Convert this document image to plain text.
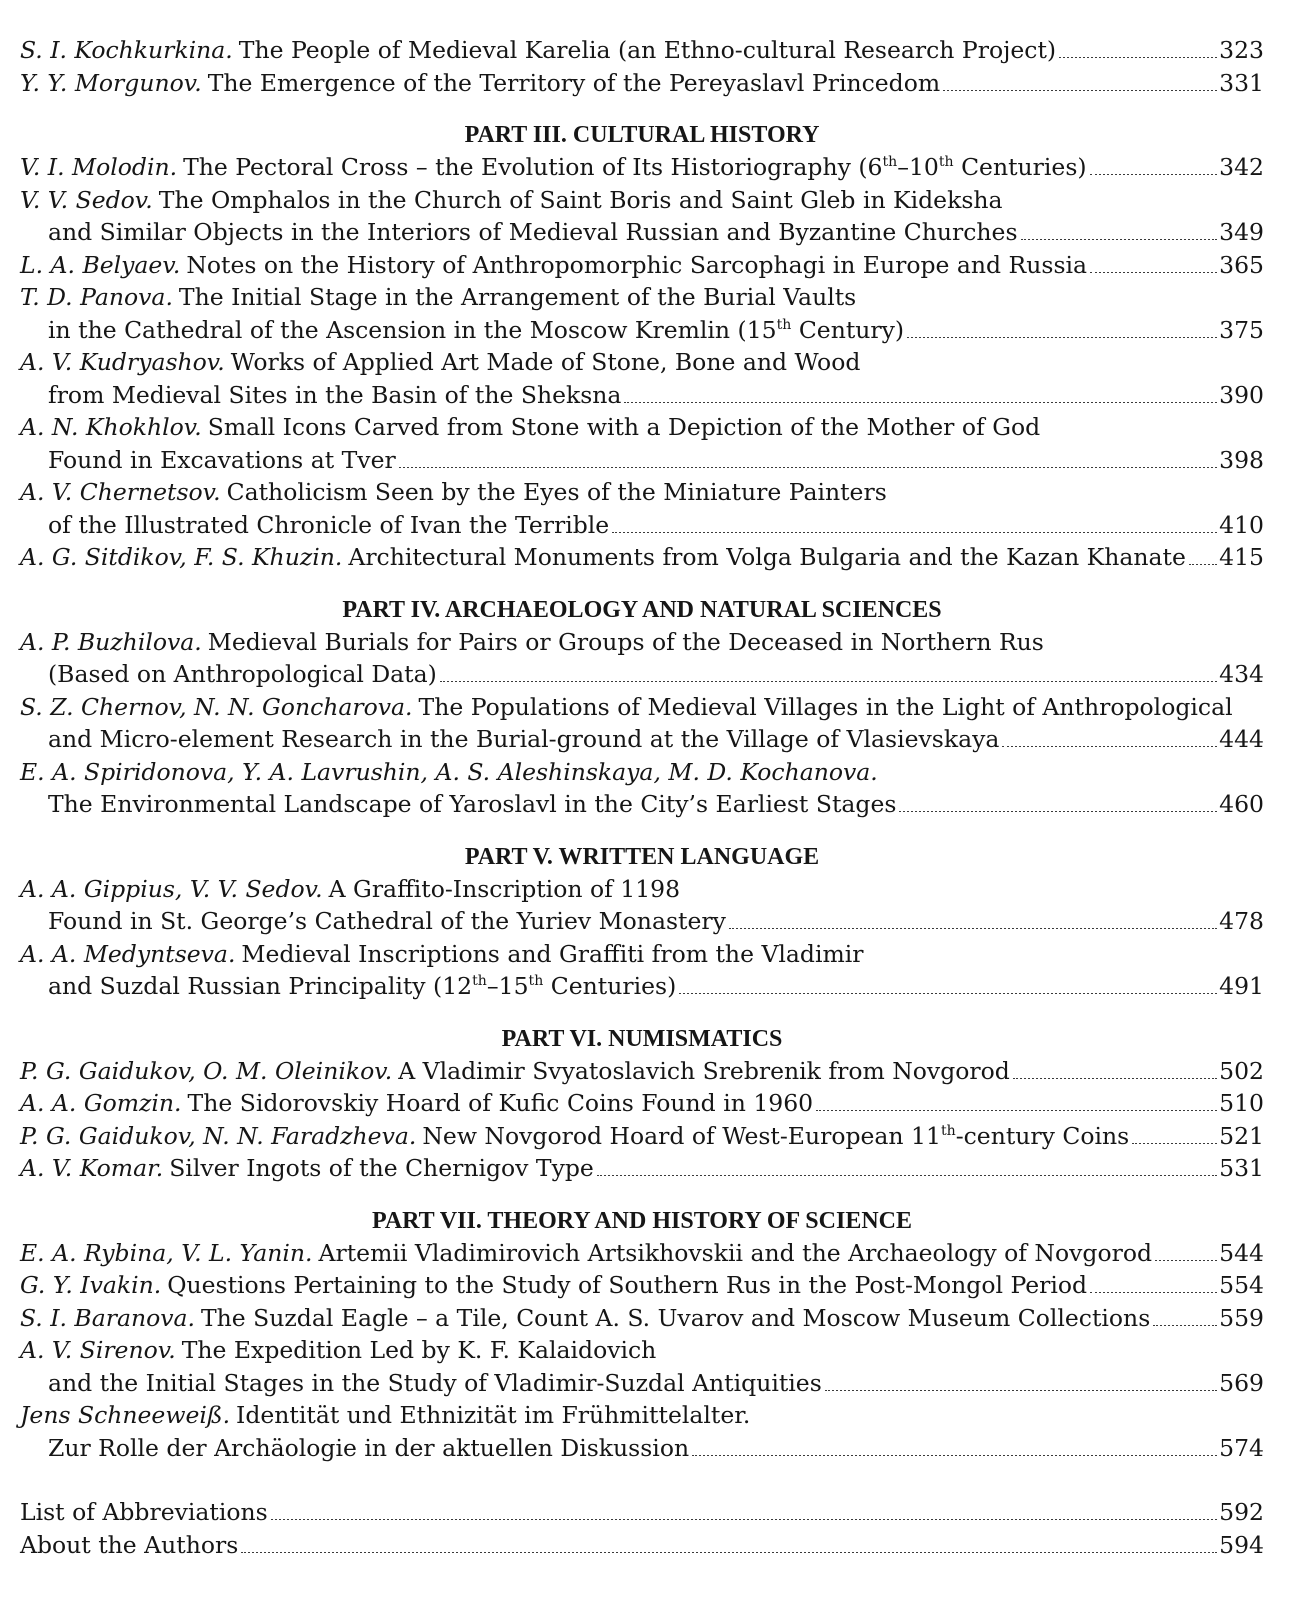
S. I. Kochkurkina. The People of Medieval Karelia (an Ethno-cultural Research Project)	323
Y. Y. Morgunov. The Emergence of the Territory of the Pereyaslavl Princedom	331
PART III. CULTURAL HISTORY
V. I. Molodin. The Pectoral Cross – the Evolution of Its Historiography (6th–10th Centuries)	342
V. V. Sedov. The Omphalos in the Church of Saint Boris and Saint Gleb in Kideksha
and Similar Objects in the Interiors of Medieval Russian and Byzantine Churches	349
L. A. Belyaev. Notes on the History of Anthropomorphic Sarcophagi in Europe and Russia	365
T. D. Panova. The Initial Stage in the Arrangement of the Burial Vaults
in the Cathedral of the Ascension in the Moscow Kremlin (15th Century)	375
A. V. Kudryashov. Works of Applied Art Made of Stone, Bone and Wood
from Medieval Sites in the Basin of the Sheksna	390
A. N. Khokhlov. Small Icons Carved from Stone with a Depiction of the Mother of God
Found in Excavations at Tver	398
A. V. Chernetsov. Catholicism Seen by the Eyes of the Miniature Painters
of the Illustrated Chronicle of Ivan the Terrible	410
A. G. Sitdikov, F. S. Khuzin. Architectural Monuments from Volga Bulgaria and the Kazan Khanate 415
PART IV. ARCHAEOLOGY AND NATURAL SCIENCES
A. P. Buzhilova. Medieval Burials for Pairs or Groups of the Deceased in Northern Rus
(Based on Anthropological Data)	434
S. Z. Chernov, N. N. Goncharova. The Populations of Medieval Villages in the Light of Anthropological
and Micro-element Research in the Burial-ground at the Village of Vlasievskaya	444
E. A. Spiridonova, Y. A. Lavrushin, A. S. Aleshinskaya, M. D. Kochanova.
The Environmental Landscape of Yaroslavl in the City’s Earliest Stages	460
PART V. WRITTEN LANGUAGE
A. A. Gippius, V. V. Sedov. A Graffito-Inscription of 1198
Found in St. George’s Cathedral of the Yuriev Monastery	478
A. A. Medyntseva. Medieval Inscriptions and Graffiti from the Vladimir
and Suzdal Russian Principality (12th–15th Centuries)	491
PART VI. NUMISMATICS
P. G. Gaidukov, O. M. Oleinikov. A Vladimir Svyatoslavich Srebrenik from Novgorod	502
A. A. Gomzin. The Sidorovskiy Hoard of Kufic Coins Found in 1960	510
P. G. Gaidukov, N. N. Faradzheva. New Novgorod Hoard of West-European 11th-century Coins	521
A. V. Komar. Silver Ingots of the Chernigov Type	531
PART VII. THEORY AND HISTORY OF SCIENCE
E. A. Rybina, V. L. Yanin. Artemii Vladimirovich Artsikhovskii and the Archaeology of Novgorod	544
G. Y. Ivakin. Questions Pertaining to the Study of Southern Rus in the Post-Mongol Period	554
S. I. Baranova. The Suzdal Eagle – a Tile, Count A. S. Uvarov and Moscow Museum Collections	559
A. V. Sirenov. The Expedition Led by K. F. Kalaidovich
and the Initial Stages in the Study of Vladimir-Suzdal Antiquities	569
Jens Schneeweiß. Identität und Ethnizität im Frühmittelalter.
Zur Rolle der Archäologie in der aktuellen Diskussion	574
List of Abbreviations	592
About the Authors	594
